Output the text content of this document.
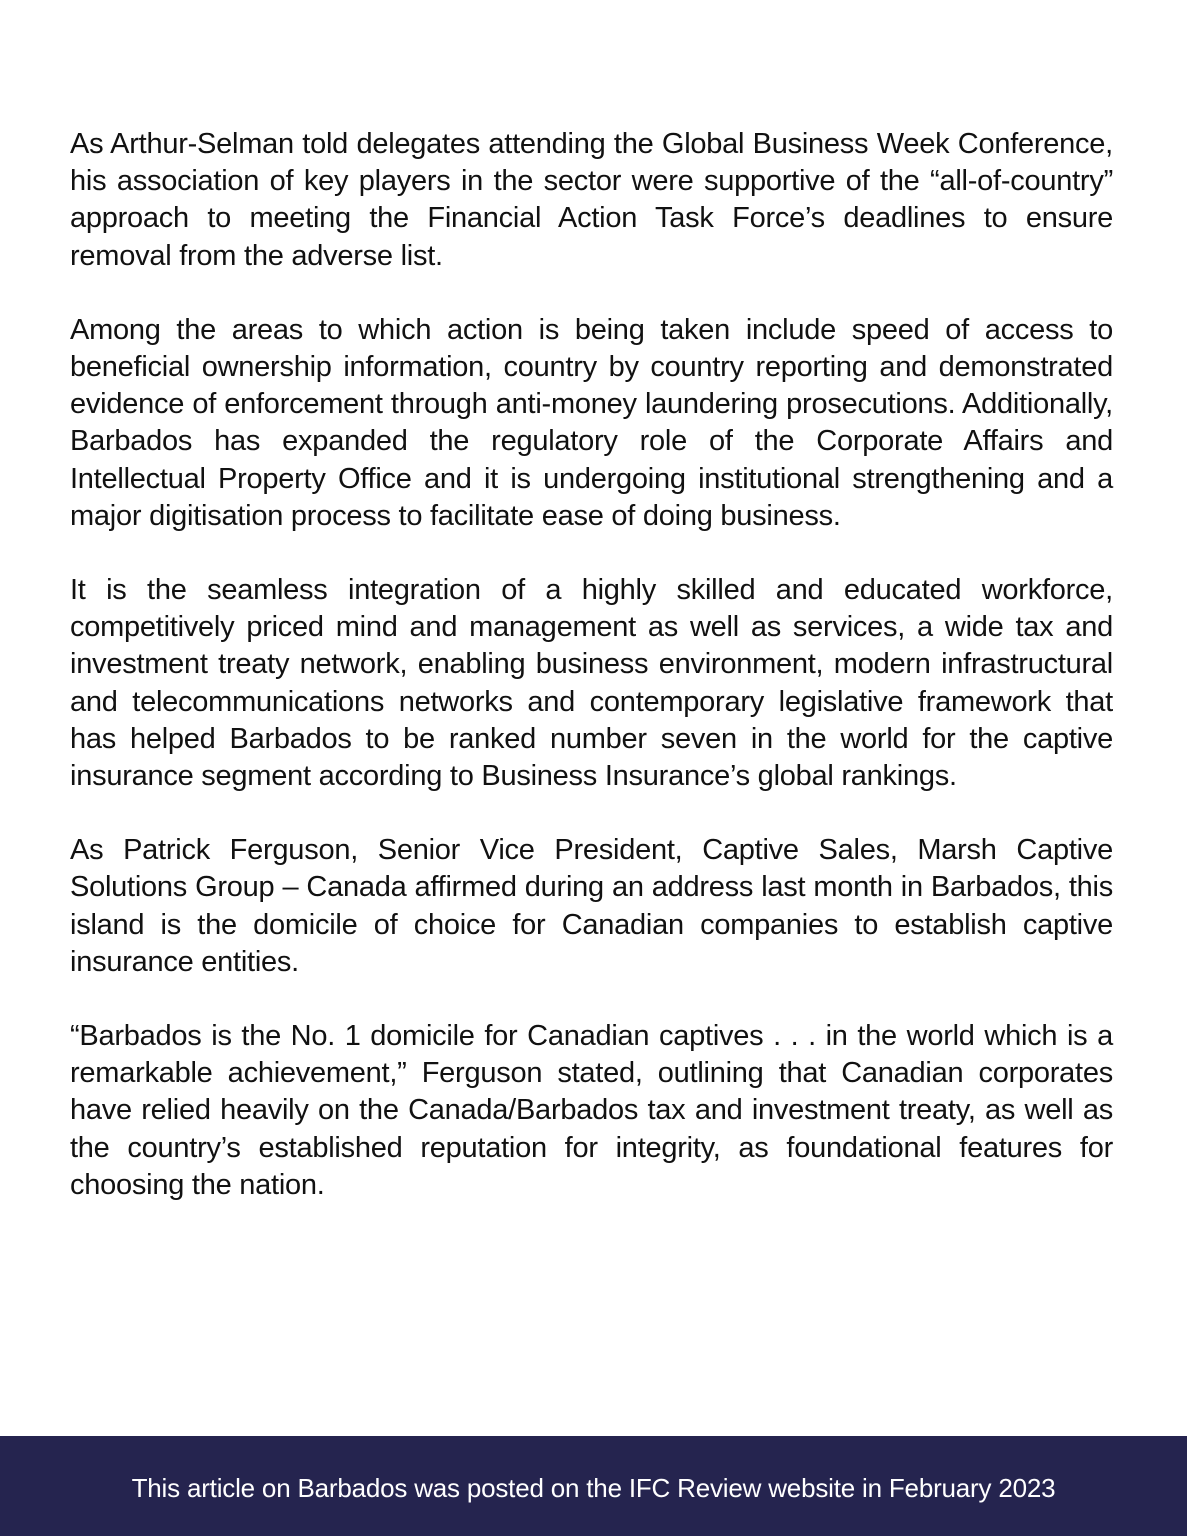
As Arthur-Selman told delegates attending the Global Business Week Conference, his association of key players in the sector were supportive of the “all-of-country” approach to meeting the Financial Action Task Force’s deadlines to ensure removal from the adverse list.

Among the areas to which action is being taken include speed of access to beneficial ownership information, country by country reporting and demonstrated evidence of enforcement through anti-money laundering prosecutions. Additionally, Barbados has expanded the regulatory role of the Corporate Affairs and Intellectual Property Office and it is undergoing institutional strengthening and a major digitisation process to facilitate ease of doing business.

It is the seamless integration of a highly skilled and educated workforce, competitively priced mind and management as well as services, a wide tax and investment treaty network, enabling business environment, modern infrastructural and telecommunications networks and contemporary legislative framework that has helped Barbados to be ranked number seven in the world for the captive insurance segment according to Business Insurance’s global rankings.

As Patrick Ferguson, Senior Vice President, Captive Sales, Marsh Captive Solutions Group – Canada affirmed during an address last month in Barbados, this island is the domicile of choice for Canadian companies to establish captive insurance entities.

“Barbados is the No. 1 domicile for Canadian captives . . . in the world which is a remarkable achievement,” Ferguson stated, outlining that Canadian corporates have relied heavily on the Canada/Barbados tax and investment treaty, as well as the country’s established reputation for integrity, as foundational features for choosing the nation.

This article on Barbados was posted on the IFC Review website in February 2023
